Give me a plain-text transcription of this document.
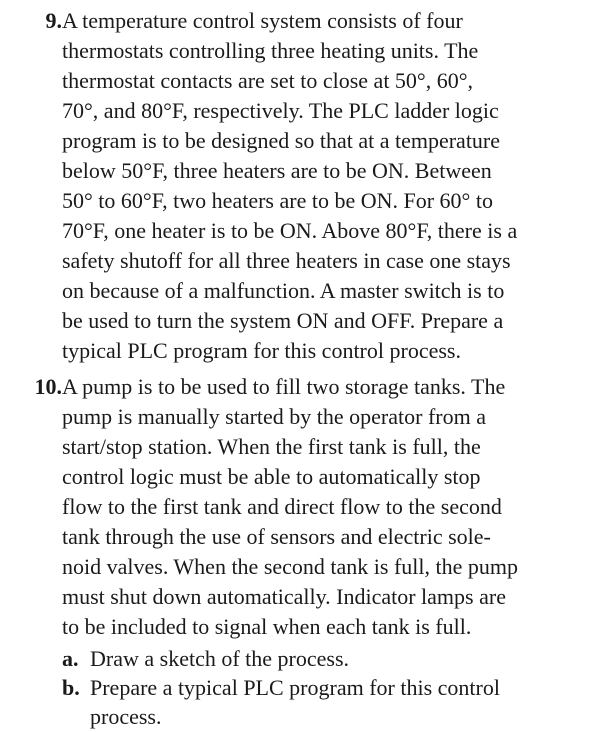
9. A temperature control system consists of four
thermostats controlling three heating units. The
thermostat contacts are set to close at 50°, 60°,
70°, and 80°F, respectively. The PLC ladder logic
program is to be designed so that at a temperature
below 50°F, three heaters are to be ON. Between
50° to 60°F, two heaters are to be ON. For 60° to
70°F, one heater is to be ON. Above 80°F, there is a
safety shutoff for all three heaters in case one stays
on because of a malfunction. A master switch is to
be used to turn the system ON and OFF. Prepare a
typical PLC program for this control process.
10. A pump is to be used to fill two storage tanks. The
pump is manually started by the operator from a
start/stop station. When the first tank is full, the
control logic must be able to automatically stop
flow to the first tank and direct flow to the second
tank through the use of sensors and electric sole-
noid valves. When the second tank is full, the pump
must shut down automatically. Indicator lamps are
to be included to signal when each tank is full.
a. Draw a sketch of the process.
b. Prepare a typical PLC program for this control
process.
